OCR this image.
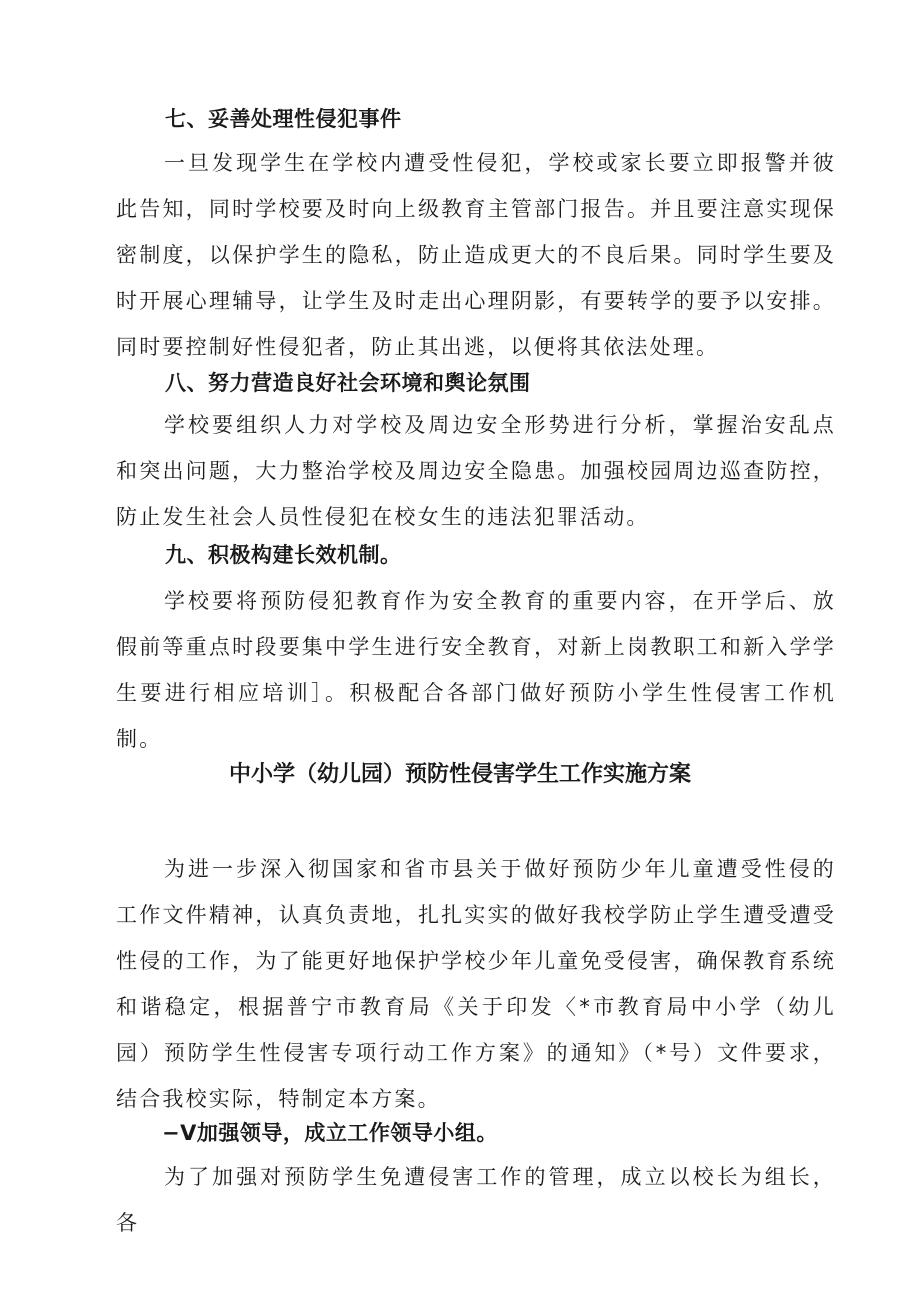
七、妥善处理性侵犯事件

一旦发现学生在学校内遭受性侵犯，学校或家长要立即报警并彼此告知，同时学校要及时向上级教育主管部门报告。并且要注意实现保密制度，以保护学生的隐私，防止造成更大的不良后果。同时学生要及时开展心理辅导，让学生及时走出心理阴影，有要转学的要予以安排。同时要控制好性侵犯者，防止其出逃，以便将其依法处理。

八、努力营造良好社会环境和舆论氛围

学校要组织人力对学校及周边安全形势进行分析，掌握治安乱点和突出问题，大力整治学校及周边安全隐患。加强校园周边巡查防控，防止发生社会人员性侵犯在校女生的违法犯罪活动。

九、积极构建长效机制。

学校要将预防侵犯教育作为安全教育的重要内容，在开学后、放假前等重点时段要集中学生进行安全教育，对新上岗教职工和新入学学生要进行相应培训］。积极配合各部门做好预防小学生性侵害工作机制。

中小学（幼儿园）预防性侵害学生工作实施方案

为进一步深入彻国家和省市县关于做好预防少年儿童遭受性侵的工作文件精神，认真负责地，扎扎实实的做好我校学防止学生遭受遭受性侵的工作，为了能更好地保护学校少年儿童免受侵害，确保教育系统和谐稳定，根据普宁市教育局《关于印发〈*市教育局中小学（幼儿园）预防学生性侵害专项行动工作方案》的通知》（*号）文件要求，结合我校实际，特制定本方案。

−V加强领导，成立工作领导小组。

为了加强对预防学生免遭侵害工作的管理，成立以校长为组长，各
